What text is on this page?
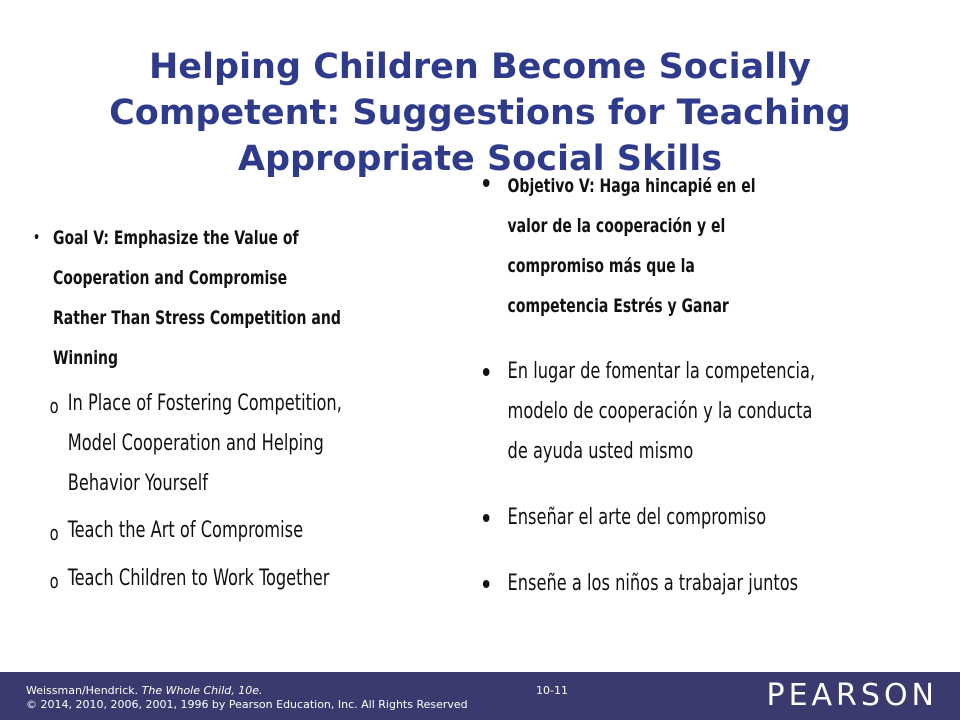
Helping Children Become Socially
Competent: Suggestions for Teaching
Appropriate Social Skills
• Goal V: Emphasize the Value of
Cooperation and Compromise
Rather Than Stress Competition and
Winning
o In Place of Fostering Competition,
Model Cooperation and Helping
Behavior Yourself
o Teach the Art of Compromise
o Teach Children to Work Together
Objetivo V: Haga hincapié en el
valor de la cooperación y el
compromiso más que la
competencia Estrés y Ganar
En lugar de fomentar la competencia,
modelo de cooperación y la conducta
de ayuda usted mismo
Enseñar el arte del compromiso
Enseñe a los niños a trabajar juntos
Weissman/Hendrick. The Whole Child, 10e.
© 2014, 2010, 2006, 2001, 1996 by Pearson Education, Inc. All Rights Reserved
10-11	PEARSON
